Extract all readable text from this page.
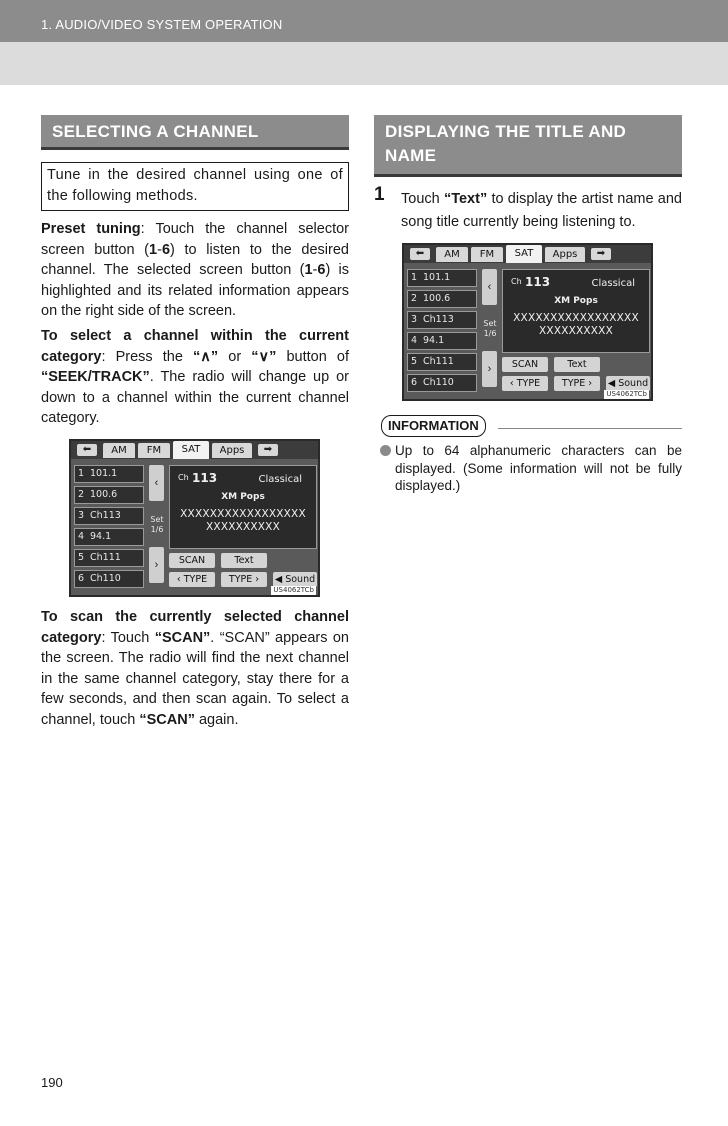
1. AUDIO/VIDEO SYSTEM OPERATION
SELECTING A CHANNEL
Tune in the desired channel using one of the following methods.

Preset tuning: Touch the channel selector screen button (1-6) to listen to the desired channel. The selected screen button (1-6) is highlighted and its related information appears on the right side of the screen.

To select a channel within the current category: Press the “∧” or “∨” button of “SEEK/TRACK”. The radio will change up or down to a channel within the current channel category.

⬅	AM	FM	SAT	Apps	➡
1 101.1
2 100.6
3 Ch113
4 94.1
5 Ch111
6 Ch110
‹
Set
1/6
›
Ch 113	Classical
XM Pops
XXXXXXXXXXXXXXXXX
XXXXXXXXXX
SCAN	Text
‹ TYPE	TYPE ›	◀ Sound
US4062TCb

To scan the currently selected channel category: Touch “SCAN”. “SCAN” appears on the screen. The radio will find the next channel in the same channel category, stay there for a few seconds, and then scan again. To select a channel, touch “SCAN” again.

DISPLAYING THE TITLE AND NAME
1 Touch “Text” to display the artist name and song title currently being listening to.
⬅	AM	FM	SAT	Apps	➡
1 101.1
2 100.6
3 Ch113
4 94.1
5 Ch111
6 Ch110
‹
Set
1/6
›
Ch 113	Classical
XM Pops
XXXXXXXXXXXXXXXXX
XXXXXXXXXX
SCAN	Text
‹ TYPE	TYPE ›	◀ Sound
US4062TCb
INFORMATION
Up to 64 alphanumeric characters can be displayed. (Some information will not be fully displayed.)
190
